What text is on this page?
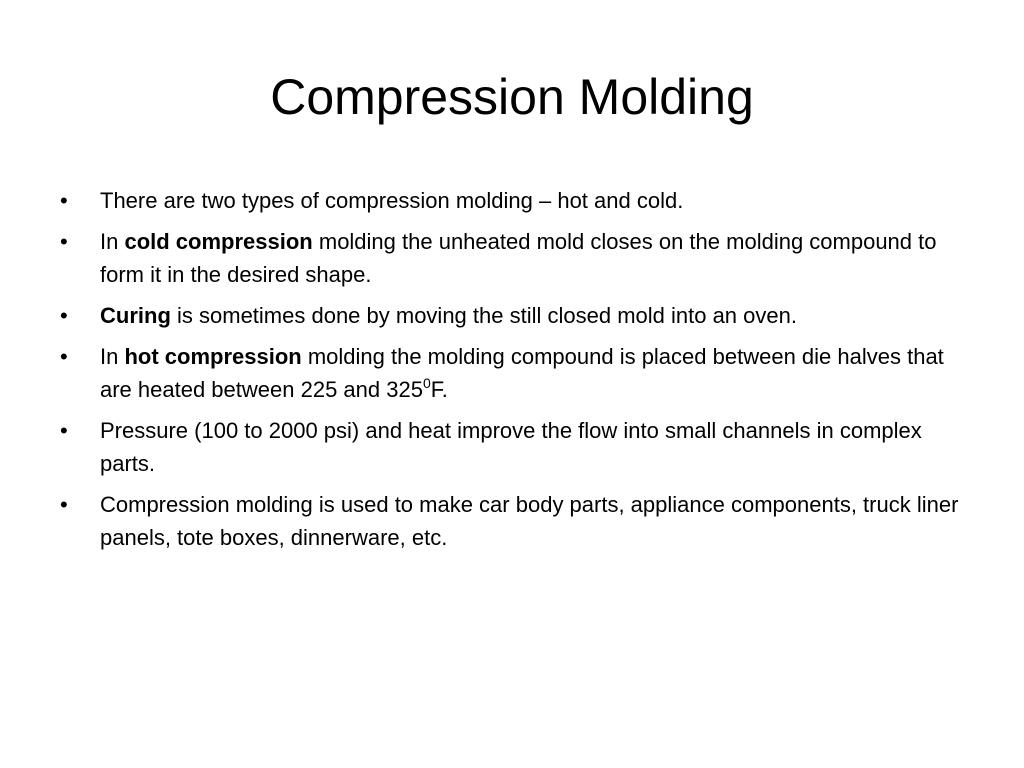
Compression Molding
•	There are two types of compression molding – hot and cold.
•	In cold compression molding the unheated mold closes on the molding compound to form it in the desired shape.
•	Curing is sometimes done by moving the still closed mold into an oven.
•	In hot compression molding the molding compound is placed between die halves that are heated between 225 and $325^0F$.
•	Pressure (100 to 2000 psi) and heat improve the flow into small channels in complex parts.
•	Compression molding is used to make car body parts, appliance components, truck liner panels, tote boxes, dinnerware, etc.
